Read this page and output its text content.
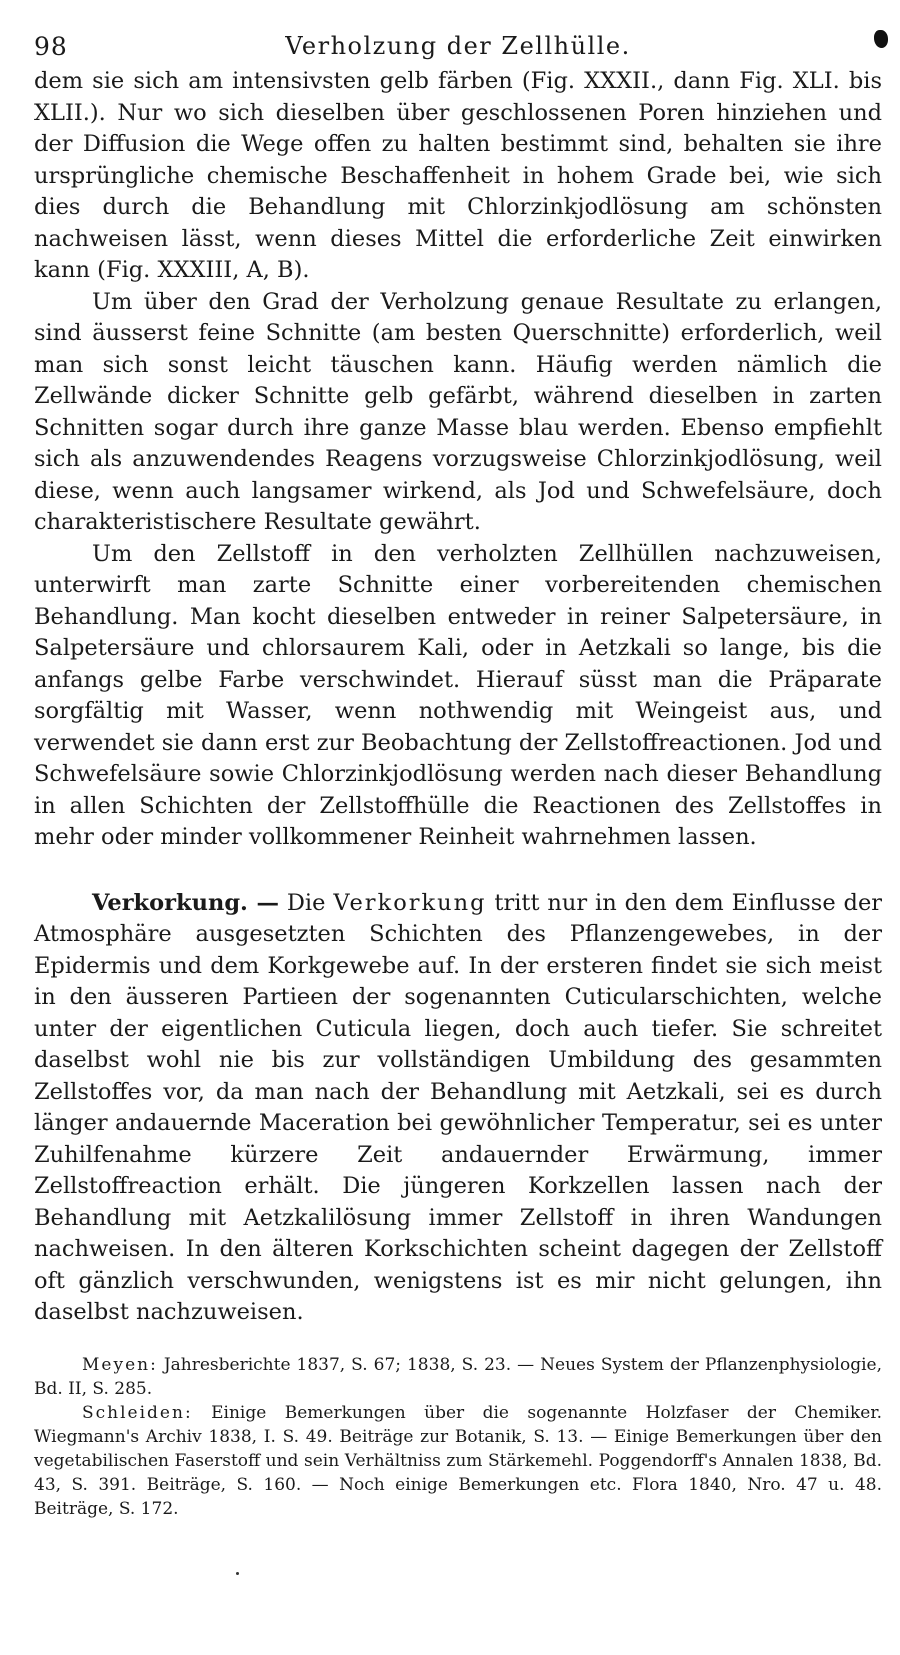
98	Verholzung der Zellhülle.

dem sie sich am intensivsten gelb färben (Fig. XXXII., dann Fig. XLI. bis XLII.). Nur wo sich dieselben über geschlossenen Poren hinziehen und der Diffusion die Wege offen zu halten bestimmt sind, behalten sie ihre ursprüngliche chemische Beschaffenheit in hohem Grade bei, wie sich dies durch die Behandlung mit Chlorzinkjodlösung am schönsten nachweisen lässt, wenn dieses Mittel die erforderliche Zeit einwirken kann (Fig. XXXIII, A, B).

Um über den Grad der Verholzung genaue Resultate zu erlangen, sind äusserst feine Schnitte (am besten Querschnitte) erforderlich, weil man sich sonst leicht täuschen kann. Häufig werden nämlich die Zellwände dicker Schnitte gelb gefärbt, während dieselben in zarten Schnitten sogar durch ihre ganze Masse blau werden. Ebenso empfiehlt sich als anzuwendendes Reagens vorzugsweise Chlorzinkjodlösung, weil diese, wenn auch langsamer wirkend, als Jod und Schwefelsäure, doch charakteristischere Resultate gewährt.

Um den Zellstoff in den verholzten Zellhüllen nachzuweisen, unterwirft man zarte Schnitte einer vorbereitenden chemischen Behandlung. Man kocht dieselben entweder in reiner Salpetersäure, in Salpetersäure und chlorsaurem Kali, oder in Aetzkali so lange, bis die anfangs gelbe Farbe verschwindet. Hierauf süsst man die Präparate sorgfältig mit Wasser, wenn nothwendig mit Weingeist aus, und verwendet sie dann erst zur Beobachtung der Zellstoffreactionen. Jod und Schwefelsäure sowie Chlorzinkjodlösung werden nach dieser Behandlung in allen Schichten der Zellstoffhülle die Reactionen des Zellstoffes in mehr oder minder vollkommener Reinheit wahrnehmen lassen.

Verkorkung. — Die Verkorkung tritt nur in den dem Einflusse der Atmosphäre ausgesetzten Schichten des Pflanzengewebes, in der Epidermis und dem Korkgewebe auf. In der ersteren findet sie sich meist in den äusseren Partieen der sogenannten Cuticularschichten, welche unter der eigentlichen Cuticula liegen, doch auch tiefer. Sie schreitet daselbst wohl nie bis zur vollständigen Umbildung des gesammten Zellstoffes vor, da man nach der Behandlung mit Aetzkali, sei es durch länger andauernde Maceration bei gewöhnlicher Temperatur, sei es unter Zuhilfenahme kürzere Zeit andauernder Erwärmung, immer Zellstoffreaction erhält. Die jüngeren Korkzellen lassen nach der Behandlung mit Aetzkalilösung immer Zellstoff in ihren Wandungen nachweisen. In den älteren Korkschichten scheint dagegen der Zellstoff oft gänzlich verschwunden, wenigstens ist es mir nicht gelungen, ihn daselbst nachzuweisen.

Meyen: Jahresberichte 1837, S. 67; 1838, S. 23. — Neues System der Pflanzenphysiologie, Bd. II, S. 285.

Schleiden: Einige Bemerkungen über die sogenannte Holzfaser der Chemiker. Wiegmann's Archiv 1838, I. S. 49. Beiträge zur Botanik, S. 13. — Einige Bemerkungen über den vegetabilischen Faserstoff und sein Verhältniss zum Stärkemehl. Poggendorff's Annalen 1838, Bd. 43, S. 391. Beiträge, S. 160. — Noch einige Bemerkungen etc. Flora 1840, Nro. 47 u. 48. Beiträge, S. 172.
